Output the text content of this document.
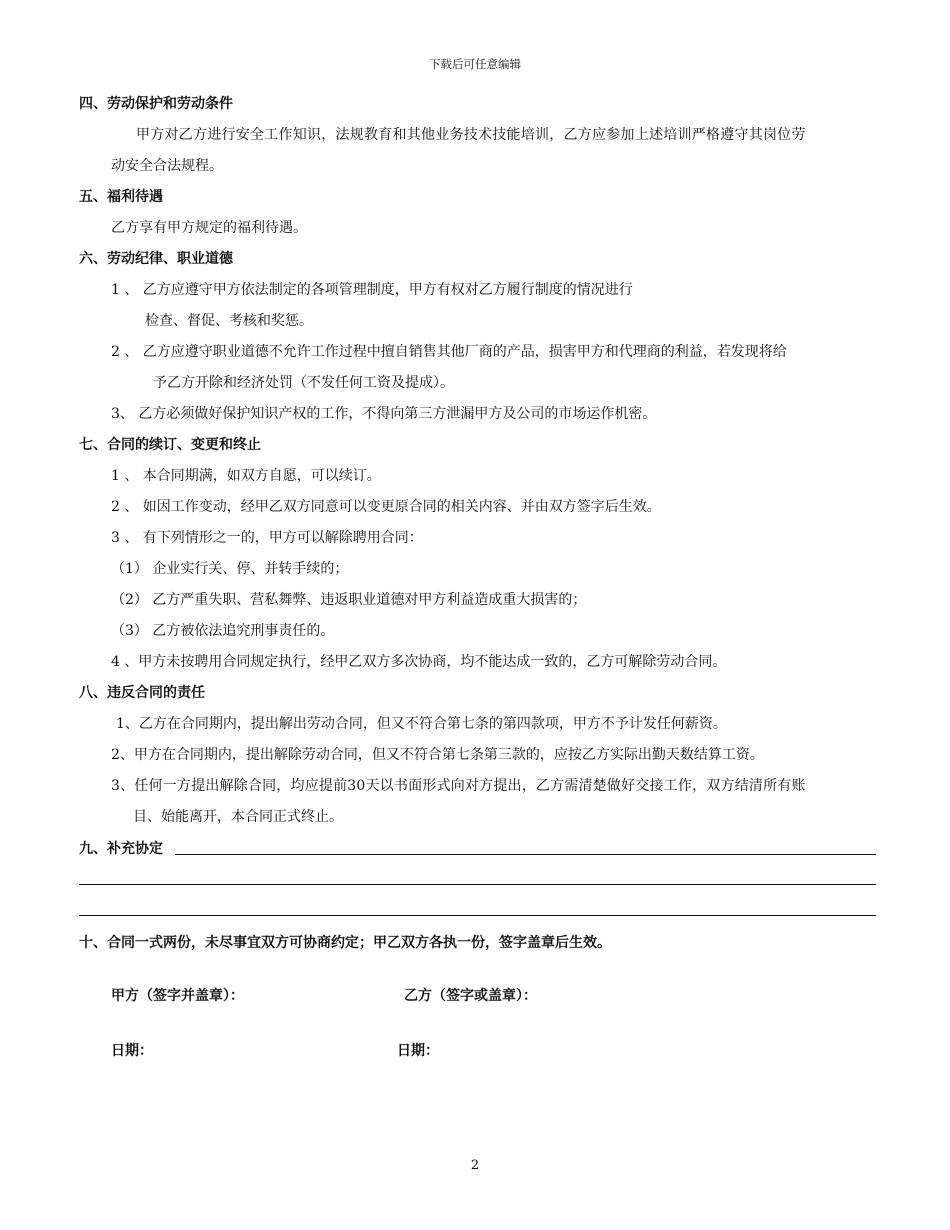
下载后可任意编辑
四、劳动保护和劳动条件
甲方对乙方进行安全工作知识，法规教育和其他业务技术技能培训，乙方应参加上述培训严格遵守其岗位劳
动安全合法规程。
五、福利待遇
乙方享有甲方规定的福利待遇。
六、劳动纪律、职业道德
1 、 乙方应遵守甲方依法制定的各项管理制度，甲方有权对乙方履行制度的情况进行
检查、督促、考核和奖惩。
2 、 乙方应遵守职业道德不允许工作过程中擅自销售其他厂商的产品，损害甲方和代理商的利益，若发现将给
予乙方开除和经济处罚（不发任何工资及提成）。
3、 乙方必须做好保护知识产权的工作，不得向第三方泄漏甲方及公司的市场运作机密。
七、合同的续订、变更和终止
1 、 本合同期满，如双方自愿，可以续订。
2 、 如因工作变动，经甲乙双方同意可以变更原合同的相关内容、并由双方签字后生效。
3 、 有下列情形之一的，甲方可以解除聘用合同：
（1） 企业实行关、停、并转手续的；
（2） 乙方严重失职、营私舞弊、违返职业道德对甲方利益造成重大损害的；
（3） 乙方被依法追究刑事责任的。
4 、甲方未按聘用合同规定执行，经甲乙双方多次协商，均不能达成一致的，乙方可解除劳动合同。
八、违反合同的责任
1、乙方在合同期内，提出解出劳动合同，但又不符合第七条的第四款项，甲方不予计发任何薪资。
2、甲方在合同期内，提出解除劳动合同，但又不符合第七条第三款的，应按乙方实际出勤天数结算工资。
3、任何一方提出解除合同，均应提前30天以书面形式向对方提出，乙方需清楚做好交接工作，双方结清所有账
目、始能离开，本合同正式终止。
九、补充协定
十、合同一式两份，未尽事宜双方可协商约定；甲乙双方各执一份，签字盖章后生效。
甲方（签字并盖章）：	乙方（签字或盖章）：
日期：	日期：
2
